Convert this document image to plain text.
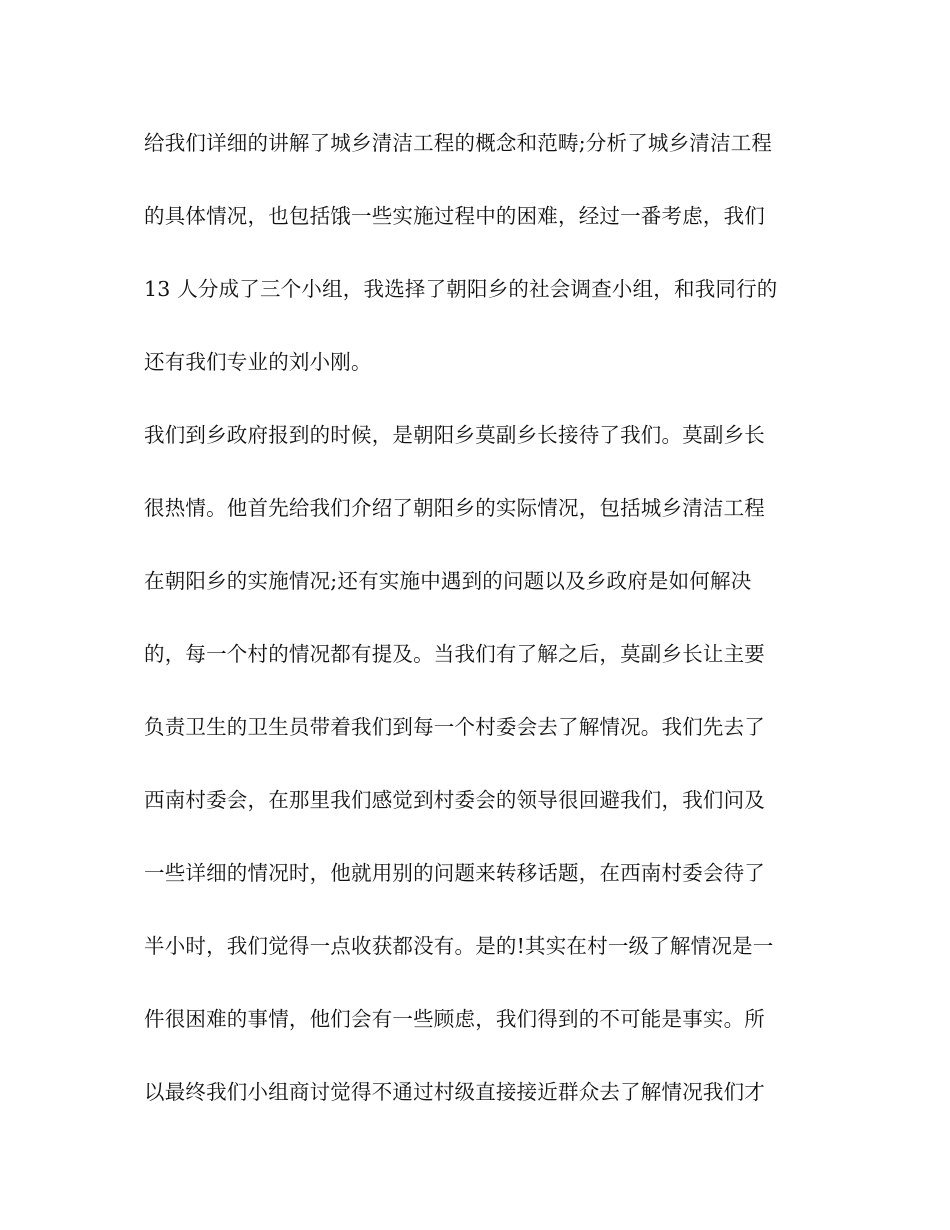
给我们详细的讲解了城乡清洁工程的概念和范畴;分析了城乡清洁工程
的具体情况，也包括饿一些实施过程中的困难，经过一番考虑，我们
13 人分成了三个小组，我选择了朝阳乡的社会调查小组，和我同行的
还有我们专业的刘小刚。
我们到乡政府报到的时候，是朝阳乡莫副乡长接待了我们。莫副乡长
很热情。他首先给我们介绍了朝阳乡的实际情况，包括城乡清洁工程
在朝阳乡的实施情况;还有实施中遇到的问题以及乡政府是如何解决
的，每一个村的情况都有提及。当我们有了解之后，莫副乡长让主要
负责卫生的卫生员带着我们到每一个村委会去了解情况。我们先去了
西南村委会，在那里我们感觉到村委会的领导很回避我们，我们问及
一些详细的情况时，他就用别的问题来转移话题，在西南村委会待了
半小时，我们觉得一点收获都没有。是的!其实在村一级了解情况是一
件很困难的事情，他们会有一些顾虑，我们得到的不可能是事实。所
以最终我们小组商讨觉得不通过村级直接接近群众去了解情况我们才
